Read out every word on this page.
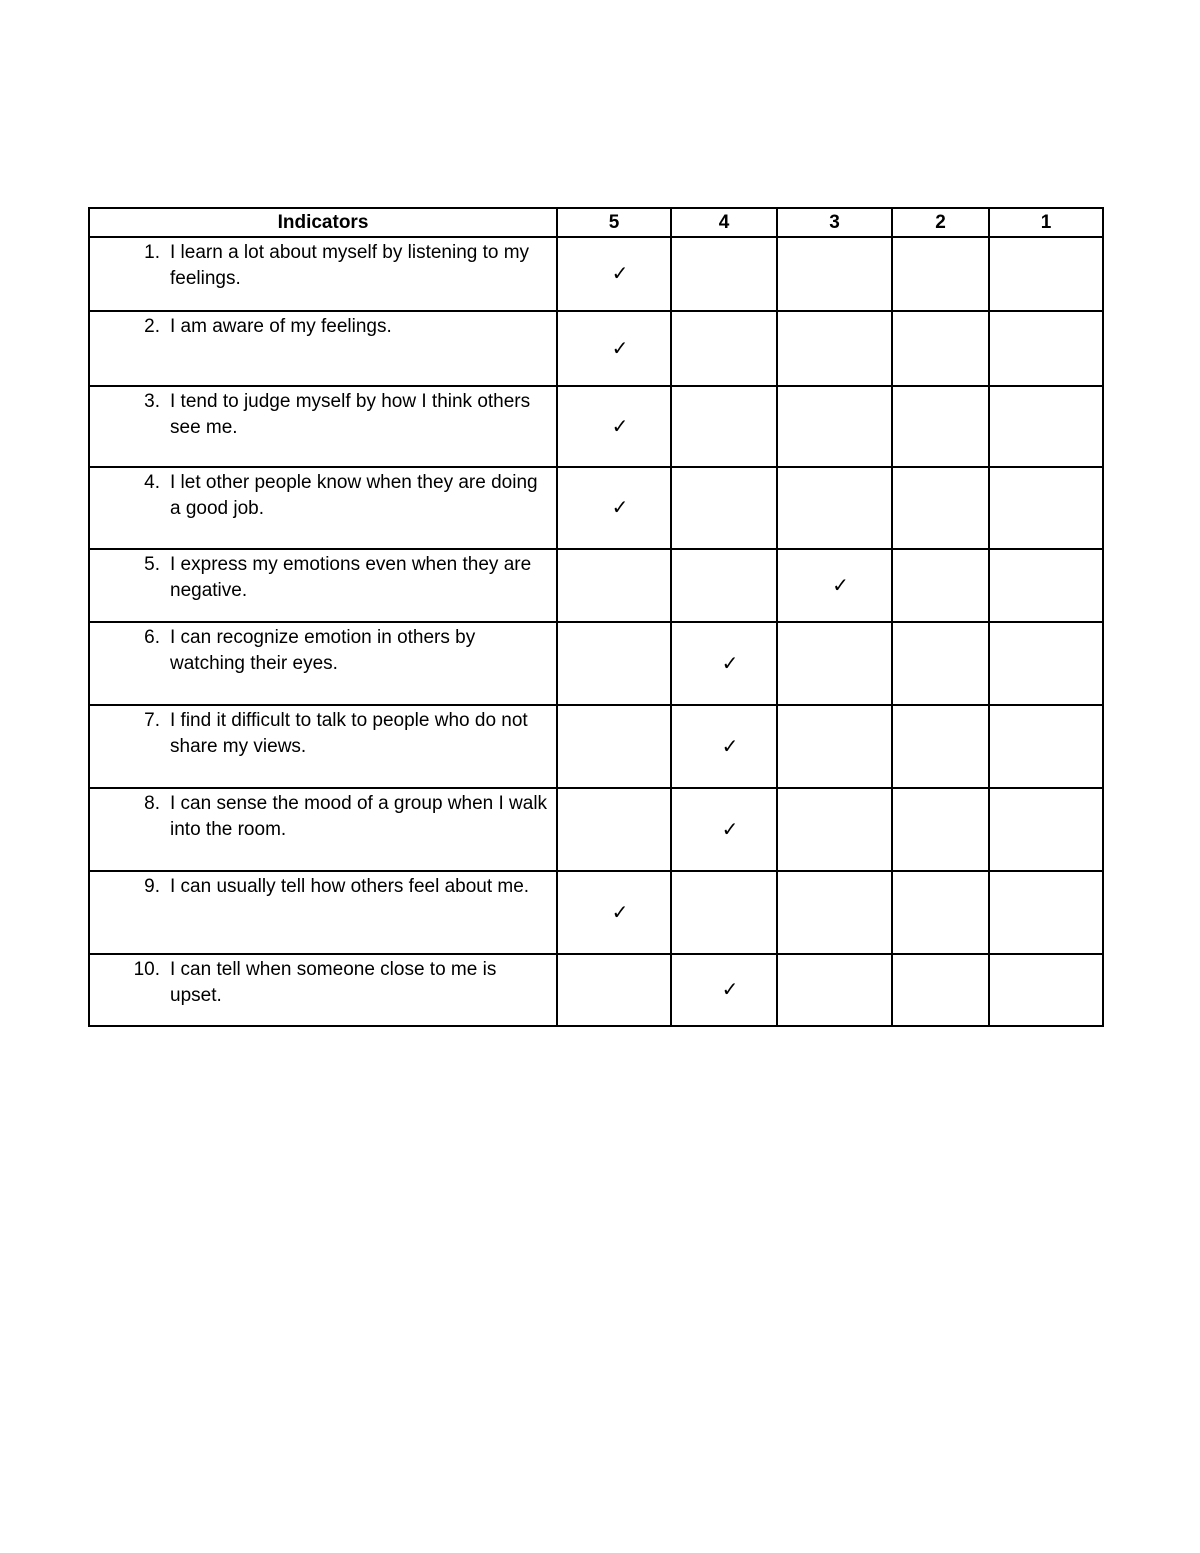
Indicators	5	4	3	2	1

1. I learn a lot about myself by listening to my feelings.	✓				

2. I am aware of my feelings.	✓				

3. I tend to judge myself by how I think others see me.	✓				

4. I let other people know when they are doing a good job.	✓				

5. I express my emotions even when they are negative.			✓		

6. I can recognize emotion in others by watching their eyes.		✓			

7. I find it difficult to talk to people who do not share my views.		✓			

8. I can sense the mood of a group when I walk into the room.		✓			

9. I can usually tell how others feel about me.	✓				

10. I can tell when someone close to me is upset.		✓			
